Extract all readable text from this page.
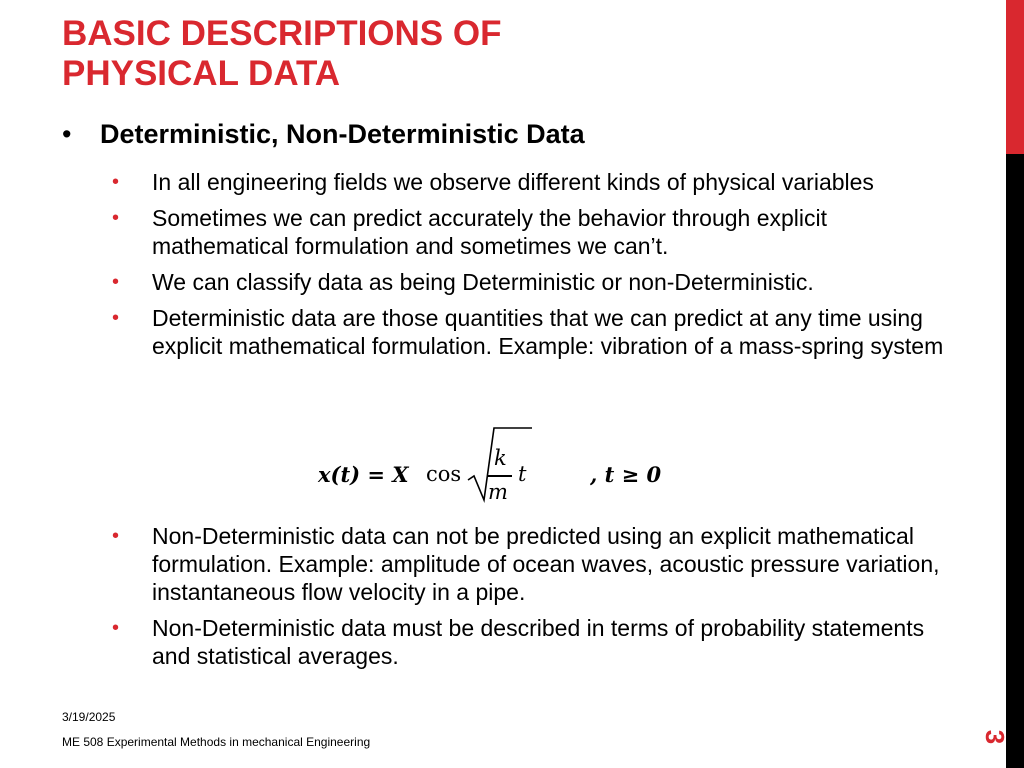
BASIC DESCRIPTIONS OF
PHYSICAL DATA
•	Deterministic, Non-Deterministic Data
•	In all engineering fields we observe different kinds of physical variables
•	Sometimes we can predict accurately the behavior through explicit mathematical formulation and sometimes we can’t.
•	We can classify data as being Deterministic or non-Deterministic.
•	Deterministic data are those quantities that we can predict at any time using explicit mathematical formulation. Example: vibration of a mass-spring system
x(t) = X cos
k
m
t	, t ≥ 0
•	Non-Deterministic data can not be predicted using an explicit mathematical formulation. Example: amplitude of ocean waves, acoustic pressure variation, instantaneous flow velocity in a pipe.
•	Non-Deterministic data must be described in terms of probability statements and statistical averages.
3/19/2025
ME 508 Experimental Methods in mechanical Engineering	3
